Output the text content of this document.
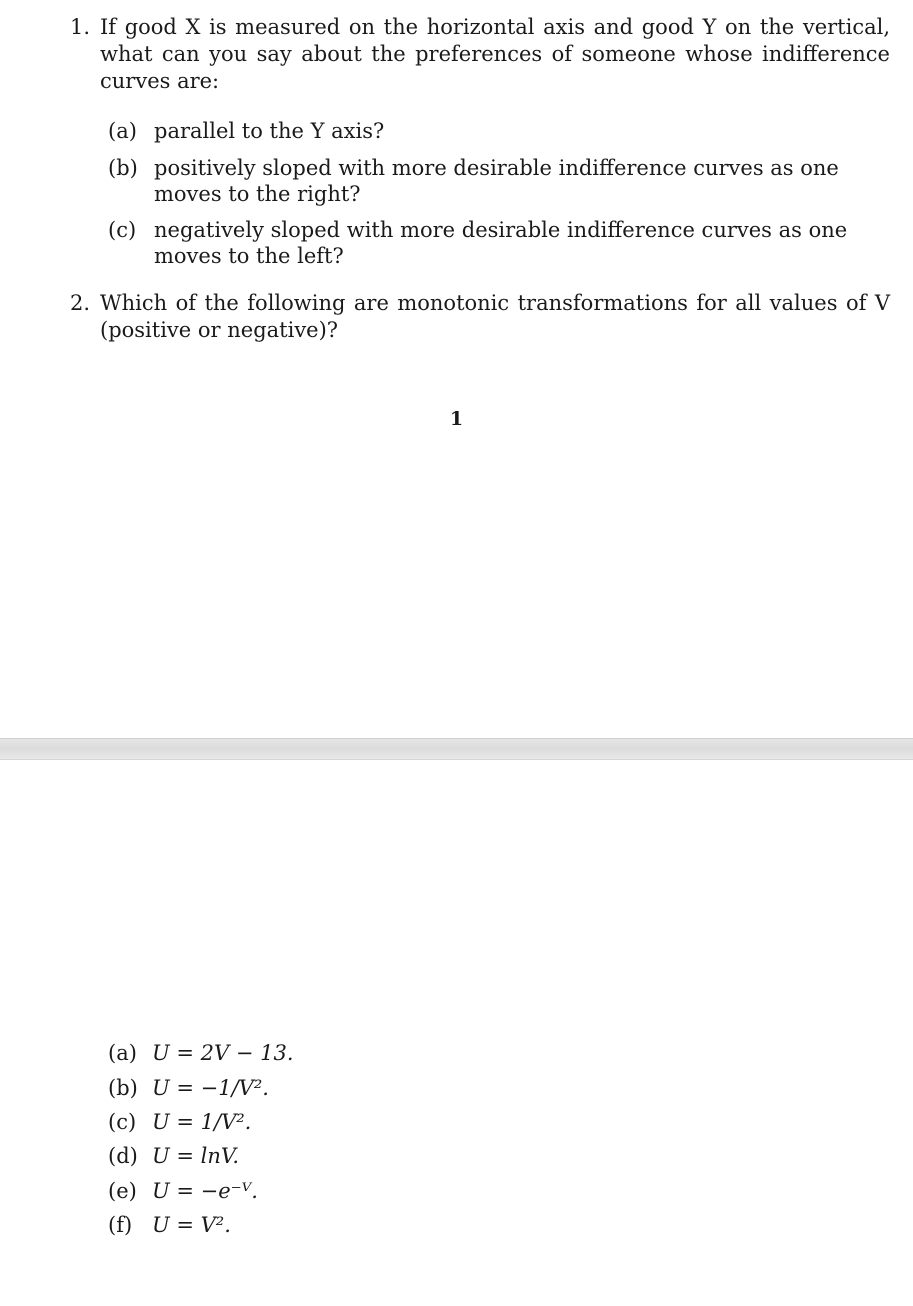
1. If good X is measured on the horizontal axis and good Y on the vertical, what can you say about the preferences of someone whose indifference curves are:
(a) parallel to the Y axis?
(b) positively sloped with more desirable indifference curves as one moves to the right?
(c) negatively sloped with more desirable indifference curves as one moves to the left?
2. Which of the following are monotonic transformations for all values of V (positive or negative)?
1
(a) U = 2V − 13.
(b) U = −1/V².
(c) U = 1/V².
(d) U = lnV.
(e) U = −e⁻ⱽ.
(f) U = V².
